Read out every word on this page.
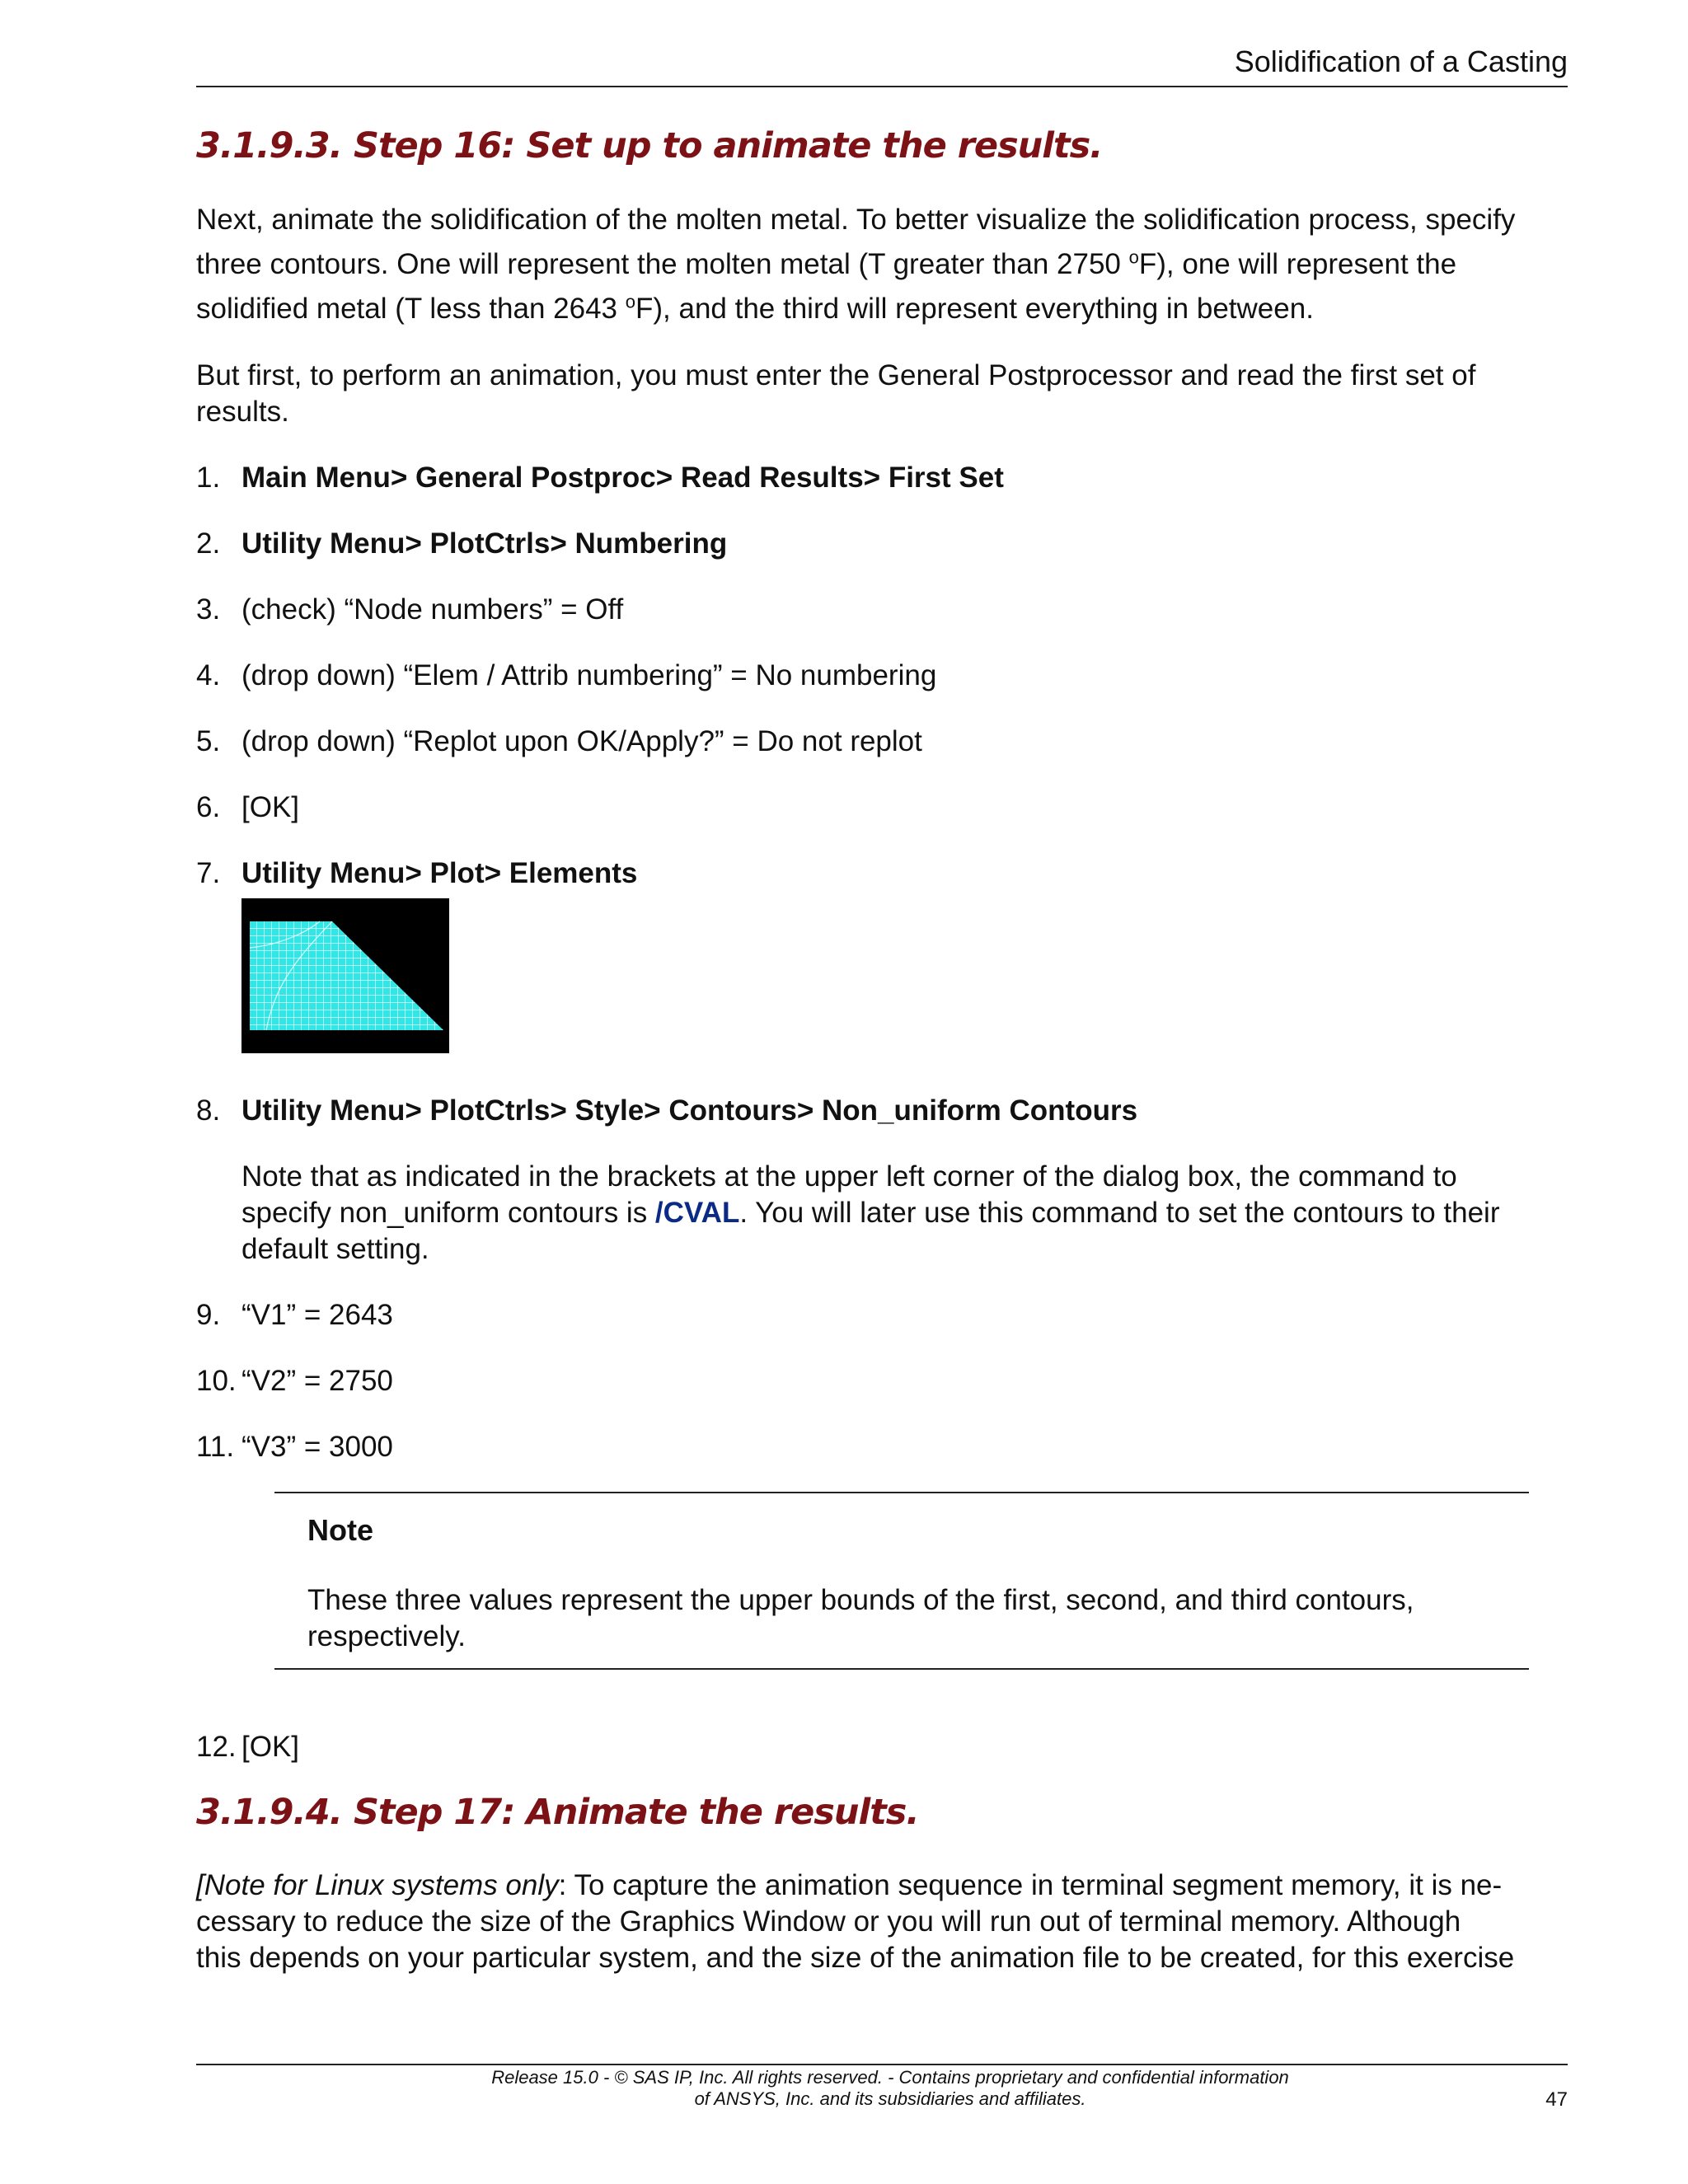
Solidification of a Casting
3.1.9.3. Step 16: Set up to animate the results.
Next, animate the solidification of the molten metal. To better visualize the solidification process, specify
three contours. One will represent the molten metal (T greater than 2750 $^o$F), one will represent the
solidified metal (T less than 2643 $^o$F), and the third will represent everything in between.

But first, to perform an animation, you must enter the General Postprocessor and read the first set of results.

1. Main Menu> General Postproc> Read Results> First Set
2. Utility Menu> PlotCtrls> Numbering
3. (check) “Node numbers” = Off
4. (drop down) “Elem / Attrib numbering” = No numbering
5. (drop down) “Replot upon OK/Apply?” = Do not replot
6. [OK]
7. Utility Menu> Plot> Elements
8. Utility Menu> PlotCtrls> Style> Contours> Non_uniform Contours

Note that as indicated in the brackets at the upper left corner of the dialog box, the command to specify non_uniform contours is /CVAL. You will later use this command to set the contours to their default setting.

9. “V1” = 2643
10. “V2” = 2750
11. “V3” = 3000
Note

These three values represent the upper bounds of the first, second, and third contours, respectively.

12. [OK]
3.1.9.4. Step 17: Animate the results.
[Note for Linux systems only: To capture the animation sequence in terminal segment memory, it is ne-
cessary to reduce the size of the Graphics Window or you will run out of terminal memory. Although
this depends on your particular system, and the size of the animation file to be created, for this exercise
Release 15.0 - © SAS IP, Inc. All rights reserved. - Contains proprietary and confidential information
of ANSYS, Inc. and its subsidiaries and affiliates.	47
